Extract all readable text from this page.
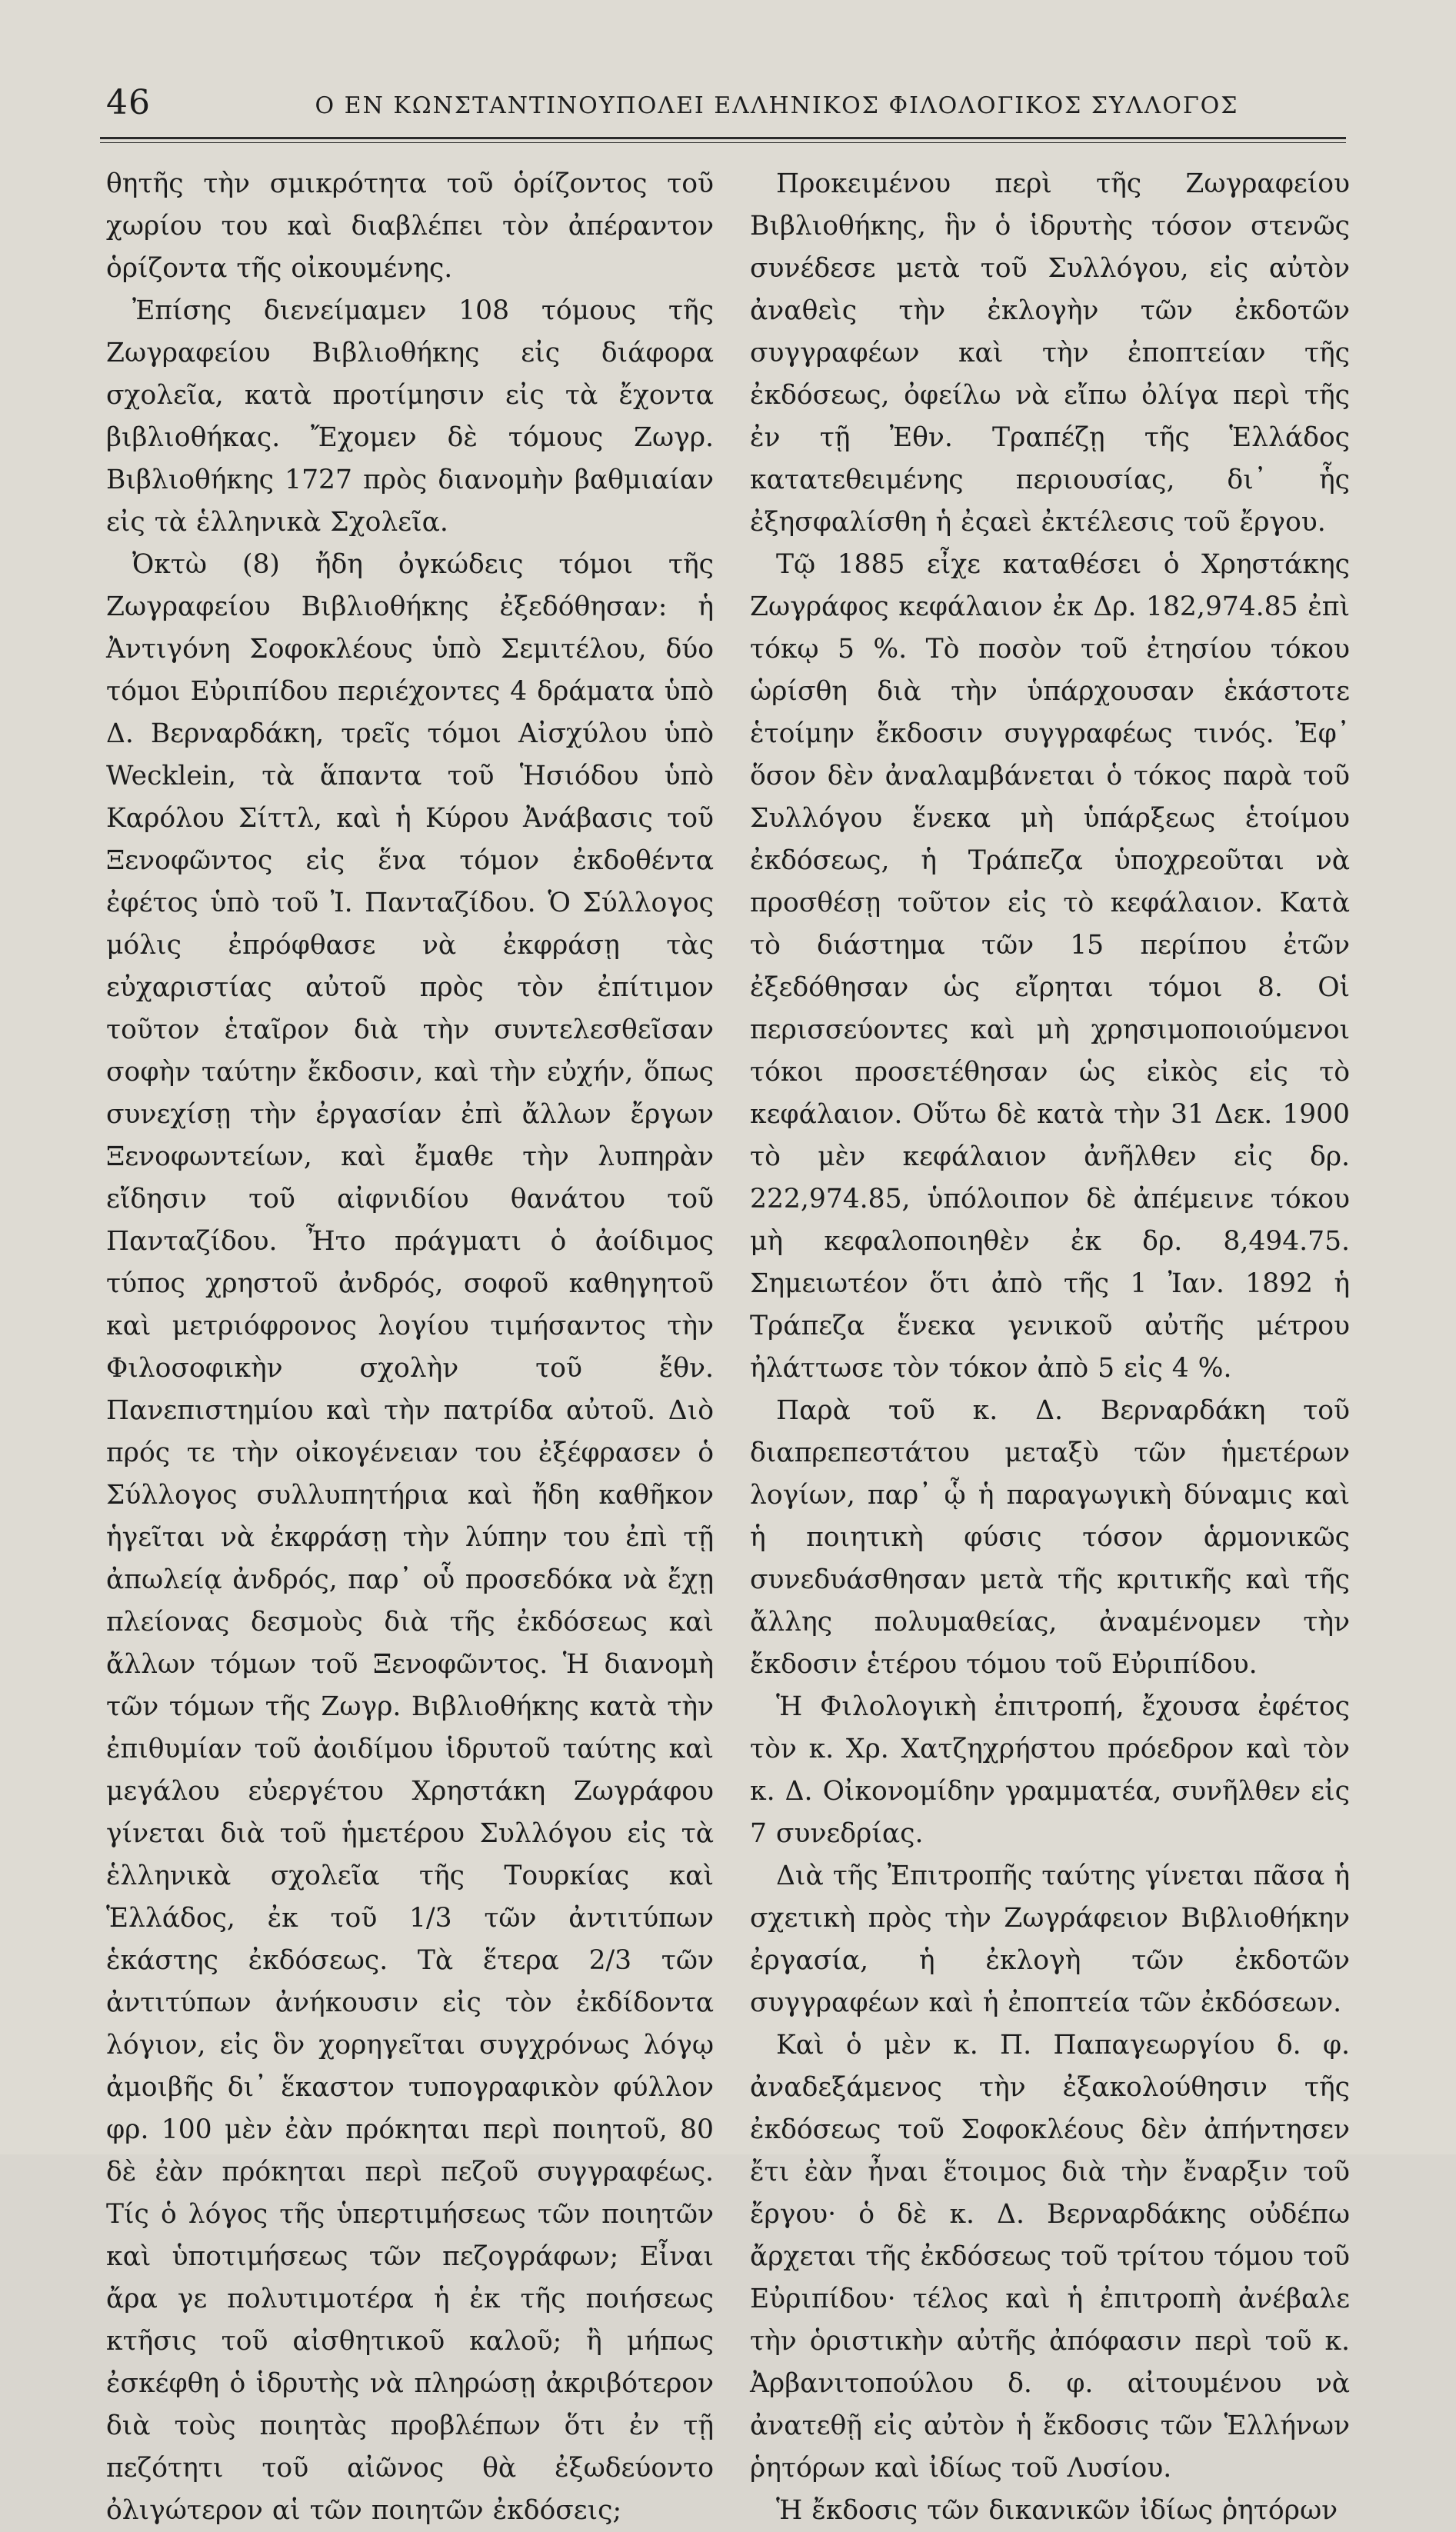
46	Ο ΕΝ ΚΩΝΣΤΑΝΤΙΝΟΥΠΟΛΕΙ ΕΛΛΗΝΙΚΟΣ ΦΙΛΟΛΟΓΙΚΟΣ ΣΥΛΛΟΓΟΣ

θητῆς τὴν σμικρότητα τοῦ ὁρίζοντος τοῦ χωρίου του καὶ διαβλέπει τὸν ἀπέραντον ὁρίζοντα τῆς οἰκουμένης.

Ἐπίσης διενείμαμεν 108 τόμους τῆς Ζωγραφείου Βιβλιοθήκης εἰς διάφορα σχολεῖα, κατὰ προτίμησιν εἰς τὰ ἔχοντα βιβλιοθήκας. Ἔχομεν δὲ τόμους Ζωγρ. Βιβλιοθήκης 1727 πρὸς διανομὴν βαθμιαίαν εἰς τὰ ἑλληνικὰ Σχολεῖα.

Ὀκτὼ (8) ἤδη ὀγκώδεις τόμοι τῆς Ζωγραφείου Βιβλιοθήκης ἐξεδόθησαν: ἡ Ἀντιγόνη Σοφοκλέους ὑπὸ Σεμιτέλου, δύο τόμοι Εὐριπίδου περιέχοντες 4 δράματα ὑπὸ Δ. Βερναρδάκη, τρεῖς τόμοι Αἰσχύλου ὑπὸ Wecklein, τὰ ἅπαντα τοῦ Ἡσιόδου ὑπὸ Καρόλου Σίττλ, καὶ ἡ Κύρου Ἀνάβασις τοῦ Ξενοφῶντος εἰς ἕνα τόμον ἐκδοθέντα ἐφέτος ὑπὸ τοῦ Ἰ. Πανταζίδου. Ὁ Σύλλογος μόλις ἐπρόφθασε νὰ ἐκφράσῃ τὰς εὐχαριστίας αὐτοῦ πρὸς τὸν ἐπίτιμον τοῦτον ἑταῖρον διὰ τὴν συντελεσθεῖσαν σοφὴν ταύτην ἔκδοσιν, καὶ τὴν εὐχήν, ὅπως συνεχίσῃ τὴν ἐργασίαν ἐπὶ ἄλλων ἔργων Ξενοφωντείων, καὶ ἔμαθε τὴν λυπηρὰν εἴδησιν τοῦ αἰφνιδίου θανάτου τοῦ Πανταζίδου. Ἦτο πράγματι ὁ ἀοίδιμος τύπος χρηστοῦ ἀνδρός, σοφοῦ καθηγητοῦ καὶ μετριόφρονος λογίου τιμήσαντος τὴν Φιλοσοφικὴν σχολὴν τοῦ ἔθν. Πανεπιστημίου καὶ τὴν πατρίδα αὐτοῦ. Διὸ πρός τε τὴν οἰκογένειαν του ἐξέφρασεν ὁ Σύλλογος συλλυπητήρια καὶ ἤδη καθῆκον ἡγεῖται νὰ ἐκφράσῃ τὴν λύπην του ἐπὶ τῇ ἀπωλείᾳ ἀνδρός, παρ᾿ οὗ προσεδόκα νὰ ἔχῃ πλείονας δεσμοὺς διὰ τῆς ἐκδόσεως καὶ ἄλλων τόμων τοῦ Ξενοφῶντος. Ἡ διανομὴ τῶν τόμων τῆς Ζωγρ. Βιβλιοθήκης κατὰ τὴν ἐπιθυμίαν τοῦ ἀοιδίμου ἱδρυτοῦ ταύτης καὶ μεγάλου εὐεργέτου Χρηστάκη Ζωγράφου γίνεται διὰ τοῦ ἡμετέρου Συλλόγου εἰς τὰ ἑλληνικὰ σχολεῖα τῆς Τουρκίας καὶ Ἑλλάδος, ἐκ τοῦ 1/3 τῶν ἀντιτύπων ἑκάστης ἐκδόσεως. Τὰ ἕτερα 2/3 τῶν ἀντιτύπων ἀνήκουσιν εἰς τὸν ἐκδίδοντα λόγιον, εἰς ὃν χορηγεῖται συγχρόνως λόγῳ ἀμοιβῆς δι᾿ ἕκαστον τυπογραφικὸν φύλλον φρ. 100 μὲν ἐὰν πρόκηται περὶ ποιητοῦ, 80 δὲ ἐὰν πρόκηται περὶ πεζοῦ συγγραφέως. Τίς ὁ λόγος τῆς ὑπερτιμήσεως τῶν ποιητῶν καὶ ὑποτιμήσεως τῶν πεζογράφων; Εἶναι ἄρα γε πολυτιμοτέρα ἡ ἐκ τῆς ποιήσεως κτῆσις τοῦ αἰσθητικοῦ καλοῦ; ἢ μήπως ἐσκέφθη ὁ ἱδρυτὴς νὰ πληρώσῃ ἀκριβότερον διὰ τοὺς ποιητὰς προβλέπων ὅτι ἐν τῇ πεζότητι τοῦ αἰῶνος θὰ ἐξωδεύοντο ὀλιγώτερον αἱ τῶν ποιητῶν ἐκδόσεις;

Προκειμένου περὶ τῆς Ζωγραφείου Βιβλιοθήκης, ἣν ὁ ἱδρυτὴς τόσον στενῶς συνέδεσε μετὰ τοῦ Συλλόγου, εἰς αὐτὸν ἀναθεὶς τὴν ἐκλογὴν τῶν ἐκδοτῶν συγγραφέων καὶ τὴν ἐποπτείαν τῆς ἐκδόσεως, ὀφείλω νὰ εἴπω ὀλίγα περὶ τῆς ἐν τῇ Ἐθν. Τραπέζῃ τῆς Ἑλλάδος κατατεθειμένης περιουσίας, δι᾿ ἧς ἐξησφαλίσθη ἡ ἐςαεὶ ἐκτέλεσις τοῦ ἔργου.

Τῷ 1885 εἶχε καταθέσει ὁ Χρηστάκης Ζωγράφος κεφάλαιον ἐκ Δρ. 182,974.85 ἐπὶ τόκῳ 5 %. Τὸ ποσὸν τοῦ ἐτησίου τόκου ὡρίσθη διὰ τὴν ὑπάρχουσαν ἑκάστοτε ἑτοίμην ἔκδοσιν συγγραφέως τινός. Ἐφ᾿ ὅσον δὲν ἀναλαμβάνεται ὁ τόκος παρὰ τοῦ Συλλόγου ἕνεκα μὴ ὑπάρξεως ἑτοίμου ἐκδόσεως, ἡ Τράπεζα ὑποχρεοῦται νὰ προσθέσῃ τοῦτον εἰς τὸ κεφάλαιον. Κατὰ τὸ διάστημα τῶν 15 περίπου ἐτῶν ἐξεδόθησαν ὡς εἴρηται τόμοι 8. Οἱ περισσεύοντες καὶ μὴ χρησιμοποιούμενοι τόκοι προσετέθησαν ὡς εἰκὸς εἰς τὸ κεφάλαιον. Οὕτω δὲ κατὰ τὴν 31 Δεκ. 1900 τὸ μὲν κεφάλαιον ἀνῆλθεν εἰς δρ. 222,974.85, ὑπόλοιπον δὲ ἀπέμεινε τόκου μὴ κεφαλοποιηθὲν ἐκ δρ. 8,494.75. Σημειωτέον ὅτι ἀπὸ τῆς 1 Ἰαν. 1892 ἡ Τράπεζα ἕνεκα γενικοῦ αὐτῆς μέτρου ἠλάττωσε τὸν τόκον ἀπὸ 5 εἰς 4 %.

Παρὰ τοῦ κ. Δ. Βερναρδάκη τοῦ διαπρεπεστάτου μεταξὺ τῶν ἡμετέρων λογίων, παρ᾿ ᾧ ἡ παραγωγικὴ δύναμις καὶ ἡ ποιητικὴ φύσις τόσον ἁρμονικῶς συνεδυάσθησαν μετὰ τῆς κριτικῆς καὶ τῆς ἄλλης πολυμαθείας, ἀναμένομεν τὴν ἔκδοσιν ἑτέρου τόμου τοῦ Εὐριπίδου.

Ἡ Φιλολογικὴ ἐπιτροπή, ἔχουσα ἐφέτος τὸν κ. Χρ. Χατζηχρήστου πρόεδρον καὶ τὸν κ. Δ. Οἰκονομίδην γραμματέα, συνῆλθεν εἰς 7 συνεδρίας.

Διὰ τῆς Ἐπιτροπῆς ταύτης γίνεται πᾶσα ἡ σχετικὴ πρὸς τὴν Ζωγράφειον Βιβλιοθήκην ἐργασία, ἡ ἐκλογὴ τῶν ἐκδοτῶν συγγραφέων καὶ ἡ ἐποπτεία τῶν ἐκδόσεων.

Καὶ ὁ μὲν κ. Π. Παπαγεωργίου δ. φ. ἀναδεξάμενος τὴν ἐξακολούθησιν τῆς ἐκδόσεως τοῦ Σοφοκλέους δὲν ἀπήντησεν ἔτι ἐὰν ἦναι ἕτοιμος διὰ τὴν ἔναρξιν τοῦ ἔργου· ὁ δὲ κ. Δ. Βερναρδάκης οὐδέπω ἄρχεται τῆς ἐκδόσεως τοῦ τρίτου τόμου τοῦ Εὐριπίδου· τέλος καὶ ἡ ἐπιτροπὴ ἀνέβαλε τὴν ὁριστικὴν αὐτῆς ἀπόφασιν περὶ τοῦ κ. Ἀρβανιτοπούλου δ. φ. αἰτουμένου νὰ ἀνατεθῇ εἰς αὐτὸν ἡ ἔκδοσις τῶν Ἑλλήνων ῥητόρων καὶ ἰδίως τοῦ Λυσίου.

Ἡ ἔκδοσις τῶν δικανικῶν ἰδίως ῥητόρων
